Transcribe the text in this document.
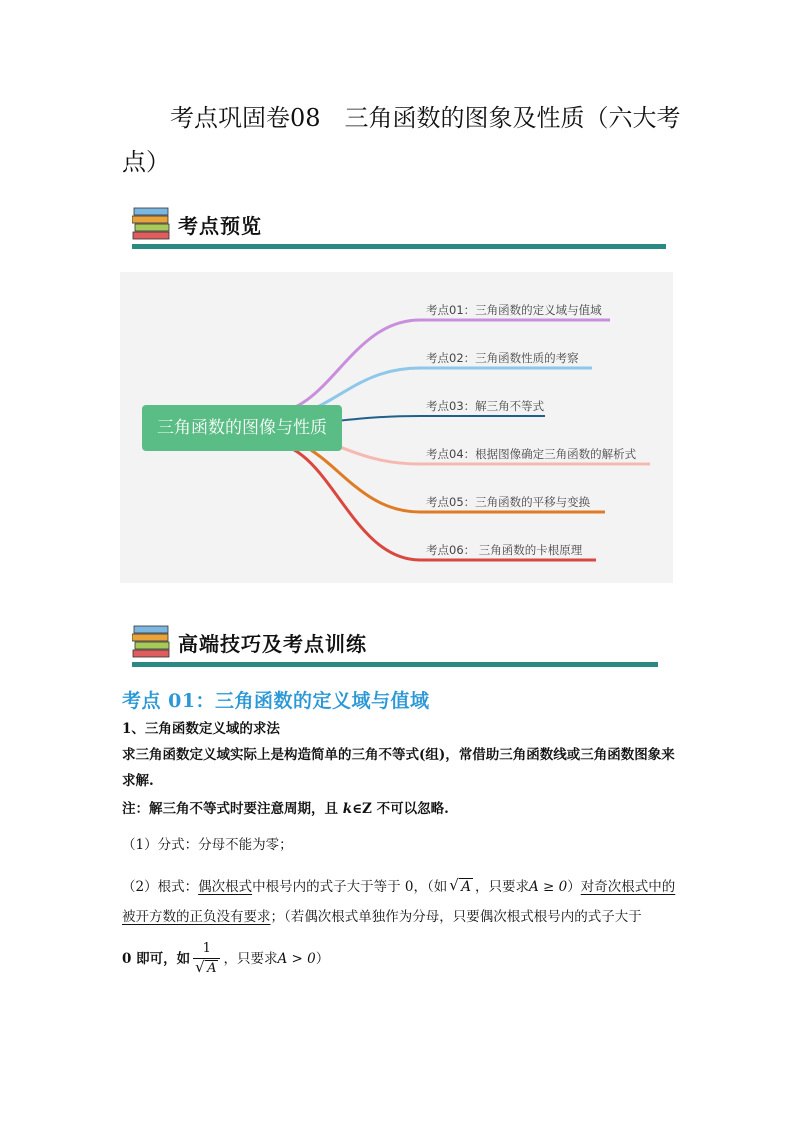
考点巩固卷08　三角函数的图象及性质（六大考点）
考点预览
三角函数的图像与性质
考点01：三角函数的定义域与值域
考点02：三角函数性质的考察
考点03：解三角不等式
考点04：根据图像确定三角函数的解析式
考点05：三角函数的平移与变换
考点06： 三角函数的卡根原理
高端技巧及考点训练
考点 01：三角函数的定义域与值域
1、三角函数定义域的求法
求三角函数定义域实际上是构造简单的三角不等式(组)，常借助三角函数线或三角函数图象来求解.
注：解三角不等式时要注意周期，且 k∈Z 不可以忽略.
（1）分式：分母不能为零；
（2）根式：偶次根式中根号内的式子大于等于 0，（如 √ A ，只要求A ≥ 0）对奇次根式中的被开方数的正负没有要求；（若偶次根式单独作为分母，只要偶次根式根号内的式子大于
0 即可，如 $\frac{1}{√ A}$ ，只要求A > 0）
